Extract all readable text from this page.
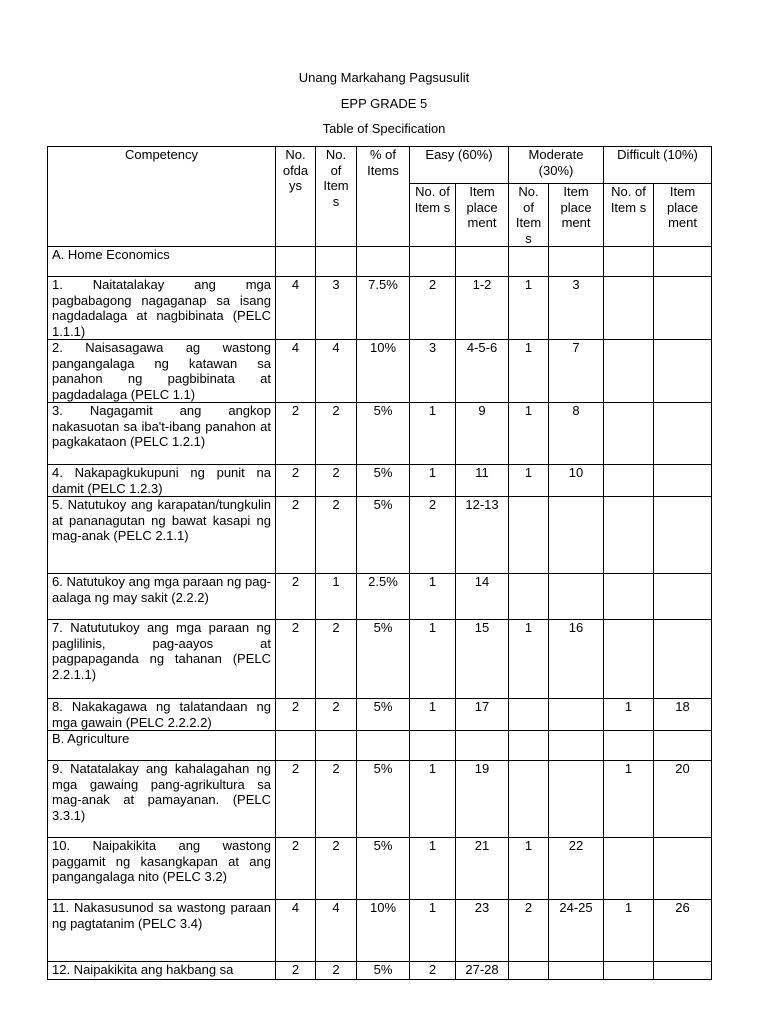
Unang Markahang Pagsusulit
EPP GRADE 5
Table of Specification
Competency	No. ofda ys	No. of Item s	% of Items	Easy (60%)		Moderate (30%)		Difficult (10%)	
				No. of Item s	Item place ment	No. of Item s	Item place ment	No. of Item s	Item place ment
A. Home Economics									
1. Naitatalakay ang mga pagbabagong nagaganap sa isang nagdadalaga at nagbibinata (PELC 1.1.1)	4	3	7.5%	2	1-2	1	3		
2. Naisasagawa ag wastong pangangalaga ng katawan sa panahon ng pagbibinata at pagdadalaga (PELC 1.1)	4	4	10%	3	4-5-6	1	7		
3. Nagagamit ang angkop nakasuotan sa iba't-ibang panahon at pagkakataon (PELC 1.2.1)	2	2	5%	1	9	1	8		
4. Nakapagkukupuni ng punit na damit (PELC 1.2.3)	2	2	5%	1	11	1	10		
5. Natutukoy ang karapatan/tungkulin at pananagutan ng bawat kasapi ng mag-anak (PELC 2.1.1)	2	2	5%	2	12-13				
6. Natutukoy ang mga paraan ng pag-aalaga ng may sakit (2.2.2)	2	1	2.5%	1	14				
7. Natututukoy ang mga paraan ng paglilinis, pag-aayos at pagpapaganda ng tahanan (PELC 2.2.1.1)	2	2	5%	1	15	1	16		
8. Nakakagawa ng talatandaan ng mga gawain (PELC 2.2.2.2)	2	2	5%	1	17			1	18
B. Agriculture									
9. Natatalakay ang kahalagahan ng mga gawaing pang-agrikultura sa mag-anak at pamayanan. (PELC 3.3.1)	2	2	5%	1	19			1	20
10. Naipakikita ang wastong paggamit ng kasangkapan at ang pangangalaga nito (PELC 3.2)	2	2	5%	1	21	1	22		
11. Nakasusunod sa wastong paraan ng pagtatanim (PELC 3.4)	4	4	10%	1	23	2	24-25	1	26
12. Naipakikita ang hakbang sa	2	2	5%	2	27-28				
